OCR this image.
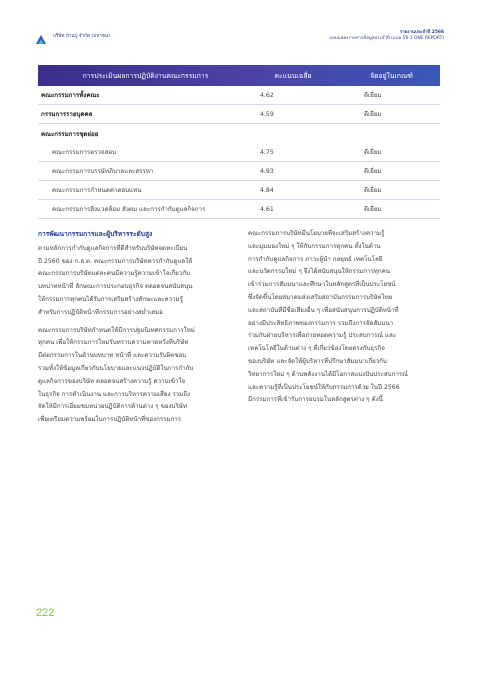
บริษัท บ้านปู จำกัด (มหาชน)
รายงานประจำปี 2566
แบบแสดงรายการข้อมูลประจำปี (แบบ 56-1 ONE REPORT)
การประเมินผลการปฏิบัติงานคณะกรรมการ	คะแนนเฉลี่ย	จัดอยู่ในเกณฑ์
คณะกรรมการทั้งคณะ	4.62	ดีเยี่ยม
กรรมการรายบุคคล	4.59	ดีเยี่ยม
คณะกรรมการชุดย่อย
คณะกรรมการตรวจสอบ	4.75	ดีเยี่ยม
คณะกรรมการบรรษัทภิบาลและสรรหา	4.93	ดีเยี่ยม
คณะกรรมการกำหนดค่าตอบแทน	4.84	ดีเยี่ยม
คณะกรรมการสิ่งแวดล้อม สังคม และการกำกับดูแลกิจการ	4.61	ดีเยี่ยม
การพัฒนากรรมการและผู้บริหารระดับสูง
ตามหลักการกำกับดูแลกิจการที่ดีสำหรับบริษัทจดทะเบียน
ปี 2560 ของ ก.ล.ต. คณะกรรมการบริษัทควรกำกับดูแลให้
คณะกรรมการบริษัทแต่ละคนมีความรู้ความเข้าใจเกี่ยวกับ
บทบาทหน้าที่ ลักษณะการประกอบธุรกิจ ตลอดจนสนับสนุน
ให้กรรมการทุกคนได้รับการเสริมสร้างทักษะและความรู้
สำหรับการปฏิบัติหน้าที่กรรมการอย่างสม่ำเสมอ
คณะกรรมการบริษัทกำหนดให้มีการปฐมนิเทศกรรมการใหม่
ทุกคน เพื่อให้กรรมการใหม่รับทราบความคาดหวังที่บริษัท
มีต่อกรรมการในด้านบทบาท หน้าที่ และความรับผิดชอบ
รวมทั้งให้ข้อมูลเกี่ยวกับนโยบายและแนวปฏิบัติในการกำกับ
ดูแลกิจการของบริษัท ตลอดจนสร้างความรู้ ความเข้าใจ
ในธุรกิจ การดำเนินงาน และการบริหารความเสี่ยง รวมถึง
จัดให้มีการเยี่ยมชมหน่วยปฏิบัติการด้านต่าง ๆ ของบริษัท
เพื่อเตรียมความพร้อมในการปฏิบัติหน้าที่ของกรรมการ
คณะกรรมการบริษัทมีนโยบายที่จะเสริมสร้างความรู้
และมุมมองใหม่ ๆ ให้กับกรรมการทุกคน ทั้งในด้าน
การกำกับดูแลกิจการ ภาวะผู้นำ กลยุทธ์ เทคโนโลยี
และนวัตกรรมใหม่ ๆ จึงได้สนับสนุนให้กรรมการทุกคน
เข้าร่วมการสัมมนาและศึกษาในหลักสูตรที่เป็นประโยชน์
ซึ่งจัดขึ้นโดยสมาคมส่งเสริมสถาบันกรรมการบริษัทไทย
และสถาบันที่มีชื่อเสียงอื่น ๆ เพื่อสนับสนุนการปฏิบัติหน้าที่
อย่างมีประสิทธิภาพของกรรมการ รวมถึงการจัดสัมมนา
ร่วมกับฝ่ายบริหารเพื่อถ่ายทอดความรู้ ประสบการณ์ และ
เทคโนโลยีในด้านต่าง ๆ ที่เกี่ยวข้องโดยตรงกับธุรกิจ
ของบริษัท และจัดให้ผู้บริหารที่ปรึกษาสัมมนาเกี่ยวกับ
วิทยาการใหม่ ๆ ด้านพลังงานได้มีโอกาสแบ่งปันประสบการณ์
และความรู้ที่เป็นประโยชน์ให้กับกรรมการด้วย ในปี 2566
มีกรรมการที่เข้ารับการอบรมในหลักสูตรต่าง ๆ ดังนี้
222
